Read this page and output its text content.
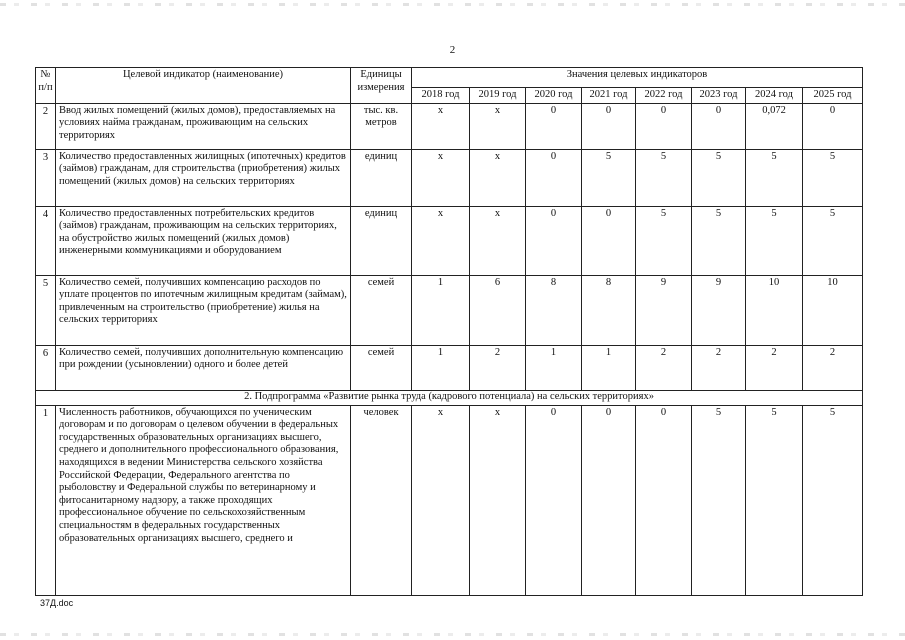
2
№ п/п	Целевой индикатор (наименование)	Единицы измерения	Значения целевых индикаторов							
			2018 год	2019 год	2020 год	2021 год	2022 год	2023 год	2024 год	2025 год
2	Ввод жилых помещений (жилых домов), предоставляемых на условиях найма гражданам, проживающим на сельских территориях	тыс. кв. метров	х	х	0	0	0	0	0,072	0
3	Количество предоставленных жилищных (ипотечных) кредитов (займов) гражданам, для строительства (приобретения) жилых помещений (жилых домов) на сельских территориях	единиц	х	х	0	5	5	5	5	5
4	Количество предоставленных потребительских кредитов (займов) гражданам, проживающим на сельских территориях, на обустройство жилых помещений (жилых домов) инженерными коммуникациями и оборудованием	единиц	х	х	0	0	5	5	5	5
5	Количество семей, получивших компенсацию расходов по уплате процентов по ипотечным жилищным кредитам (займам), привлеченным на строительство (приобретение) жилья на сельских территориях	семей	1	6	8	8	9	9	10	10
6	Количество семей, получивших дополнительную компенсацию при рождении (усыновлении) одного и более детей	семей	1	2	1	1	2	2	2	2
2. Подпрограмма «Развитие рынка труда (кадрового потенциала) на сельских территориях»										
1	Численность работников, обучающихся по ученическим договорам и по договорам о целевом обучении в федеральных государственных образовательных организациях высшего, среднего и дополнительного профессионального образования, находящихся в ведении Министерства сельского хозяйства Российской Федерации, Федерального агентства по рыболовству и Федеральной службы по ветеринарному и фитосанитарному надзору, а также проходящих профессиональное обучение по сельскохозяйственным специальностям в федеральных государственных образовательных организациях высшего, среднего и	человек	х	х	0	0	0	5	5	5
37Д.doc
